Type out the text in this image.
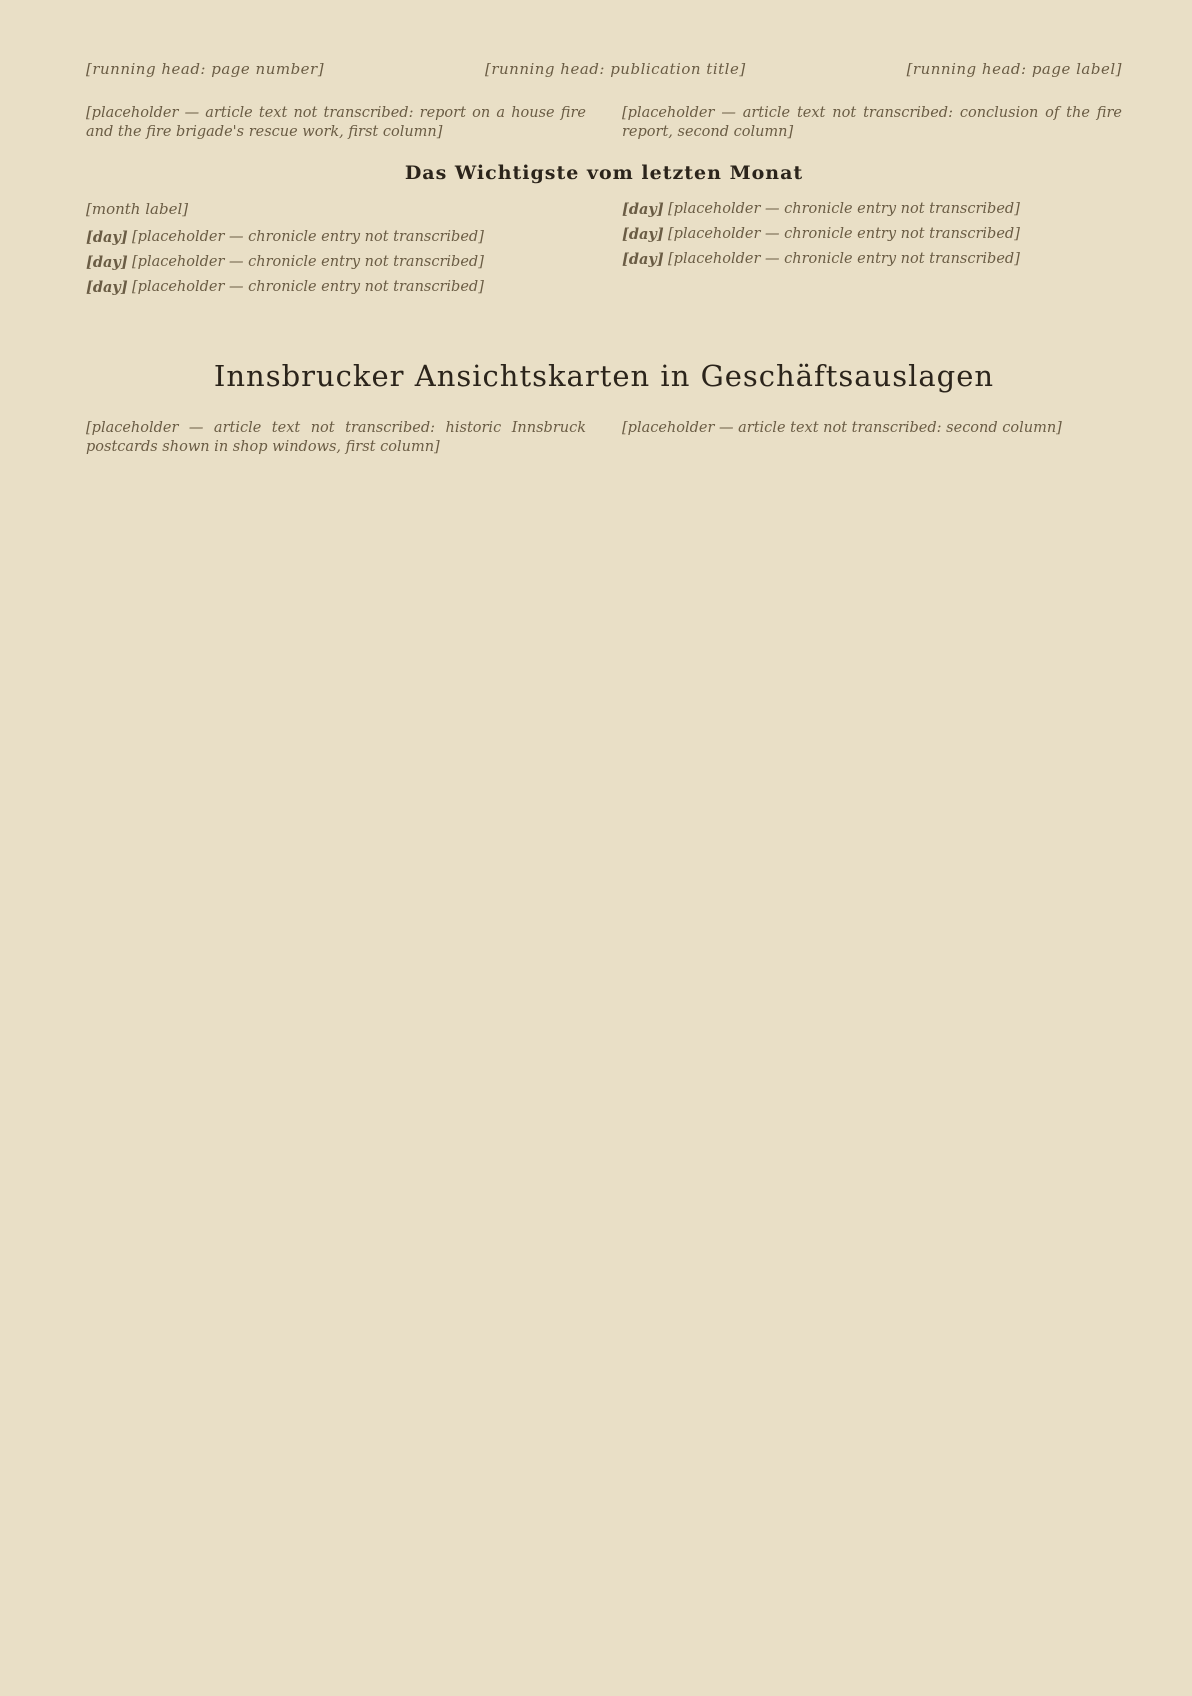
[running head: page number]	[running head: publication title]	[running head: page label]

[placeholder — article text not transcribed: report on a house fire and the fire brigade's rescue work, first column]

[placeholder — article text not transcribed: conclusion of the fire report, second column]

Das Wichtigste vom letzten Monat

[month label]

[day] [placeholder — chronicle entry not transcribed]
[day] [placeholder — chronicle entry not transcribed]
[day] [placeholder — chronicle entry not transcribed]
[day] [placeholder — chronicle entry not transcribed]
[day] [placeholder — chronicle entry not transcribed]
[day] [placeholder — chronicle entry not transcribed]
Innsbrucker Ansichtskarten in Geschäftsauslagen

[placeholder — article text not transcribed: historic Innsbruck postcards shown in shop windows, first column]

[placeholder — article text not transcribed: second column]
